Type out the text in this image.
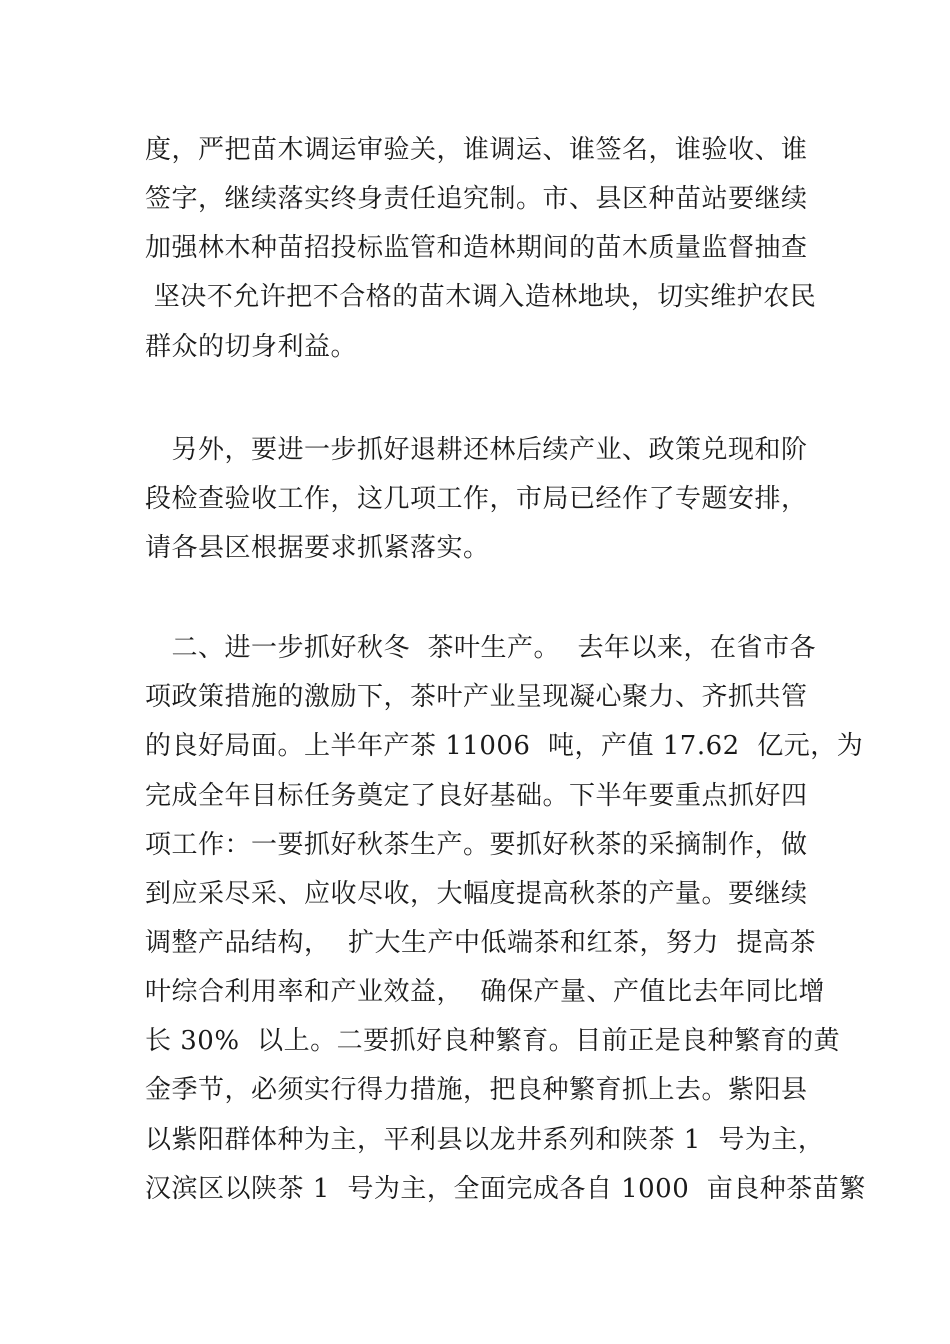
度，严把苗木调运审验关，谁调运、谁签名，谁验收、谁
签字，继续落实终身责任追究制。市、县区种苗站要继续
加强林木种苗招投标监管和造林期间的苗木质量监督抽查
坚决不允许把不合格的苗木调入造林地块，切实维护农民
群众的切身利益。
　另外，要进一步抓好退耕还林后续产业、政策兑现和阶
段检查验收工作，这几项工作，市局已经作了专题安排，
请各县区根据要求抓紧落实。
　二、进一步抓好秋冬  茶叶生产。  去年以来，在省市各
项政策措施的激励下，茶叶产业呈现凝心聚力、齐抓共管
的良好局面。上半年产茶 11006  吨，产值 17.62  亿元，为
完成全年目标任务奠定了良好基础。下半年要重点抓好四
项工作：一要抓好秋茶生产。要抓好秋茶的采摘制作，做
到应采尽采、应收尽收，大幅度提高秋茶的产量。要继续
调整产品结构，  扩大生产中低端茶和红茶，努力  提高茶
叶综合利用率和产业效益，  确保产量、产值比去年同比增
长 30%  以上。二要抓好良种繁育。目前正是良种繁育的黄
金季节，必须实行得力措施，把良种繁育抓上去。紫阳县
以紫阳群体种为主，平利县以龙井系列和陕茶 1  号为主，
汉滨区以陕茶 1  号为主，全面完成各自 1000  亩良种茶苗繁
